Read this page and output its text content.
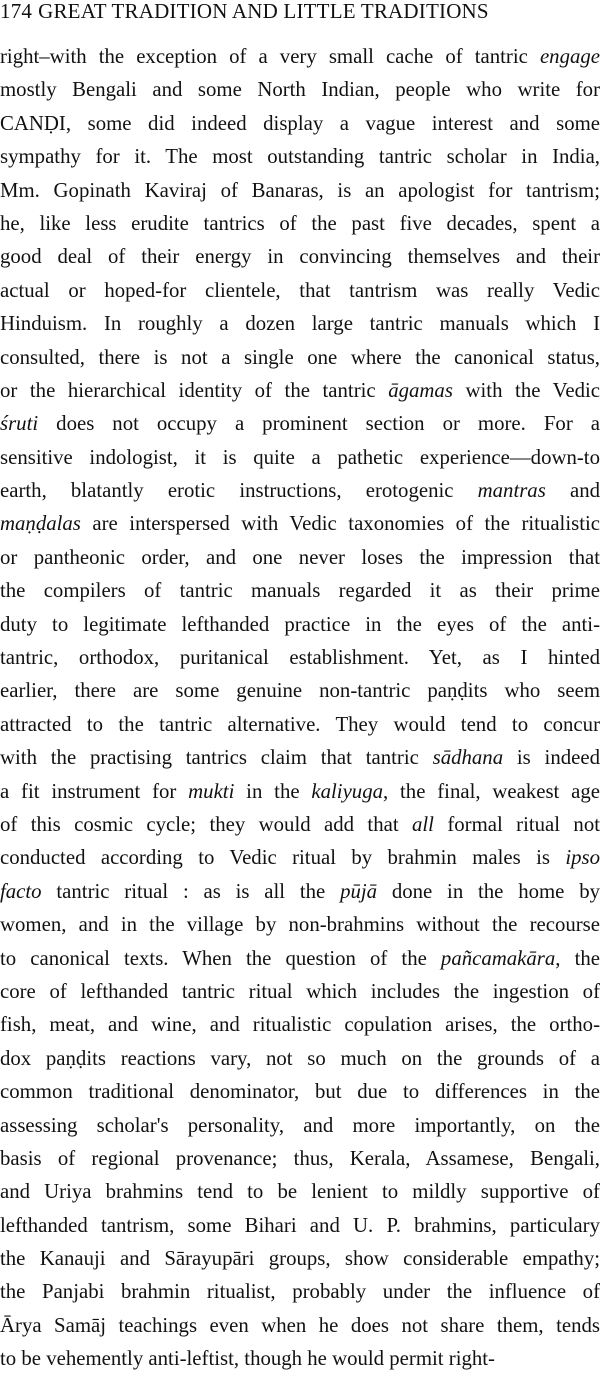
174 GREAT TRADITION AND LITTLE TRADITIONS
right–with the exception of a very small cache of tantric engage
mostly Bengali and some North Indian, people who write for
CANḌI, some did indeed display a vague interest and some
sympathy for it. The most outstanding tantric scholar in India,
Mm. Gopinath Kaviraj of Banaras, is an apologist for tantrism;
he, like less erudite tantrics of the past five decades, spent a
good deal of their energy in convincing themselves and their
actual or hoped-for clientele, that tantrism was really Vedic
Hinduism. In roughly a dozen large tantric manuals which I
consulted, there is not a single one where the canonical status,
or the hierarchical identity of the tantric āgamas with the Vedic
śruti does not occupy a prominent section or more. For a
sensitive indologist, it is quite a pathetic experience—down-to
earth, blatantly erotic instructions, erotogenic mantras and
maṇḍalas are interspersed with Vedic taxonomies of the ritualistic
or pantheonic order, and one never loses the impression that
the compilers of tantric manuals regarded it as their prime
duty to legitimate lefthanded practice in the eyes of the anti-
tantric, orthodox, puritanical establishment. Yet, as I hinted
earlier, there are some genuine non-tantric paṇḍits who seem
attracted to the tantric alternative. They would tend to concur
with the practising tantrics claim that tantric sādhana is indeed
a fit instrument for mukti in the kaliyuga, the final, weakest age
of this cosmic cycle; they would add that all formal ritual not
conducted according to Vedic ritual by brahmin males is ipso
facto tantric ritual : as is all the pūjā done in the home by
women, and in the village by non-brahmins without the recourse
to canonical texts. When the question of the pañcamakāra, the
core of lefthanded tantric ritual which includes the ingestion of
fish, meat, and wine, and ritualistic copulation arises, the ortho-
dox paṇḍits reactions vary, not so much on the grounds of a
common traditional denominator, but due to differences in the
assessing scholar's personality, and more importantly, on the
basis of regional provenance; thus, Kerala, Assamese, Bengali,
and Uriya brahmins tend to be lenient to mildly supportive of
lefthanded tantrism, some Bihari and U. P. brahmins, particulary
the Kanauji and Sārayupāri groups, show considerable empathy;
the Panjabi brahmin ritualist, probably under the influence of
Ārya Samāj teachings even when he does not share them, tends
to be vehemently anti-leftist, though he would permit right-
